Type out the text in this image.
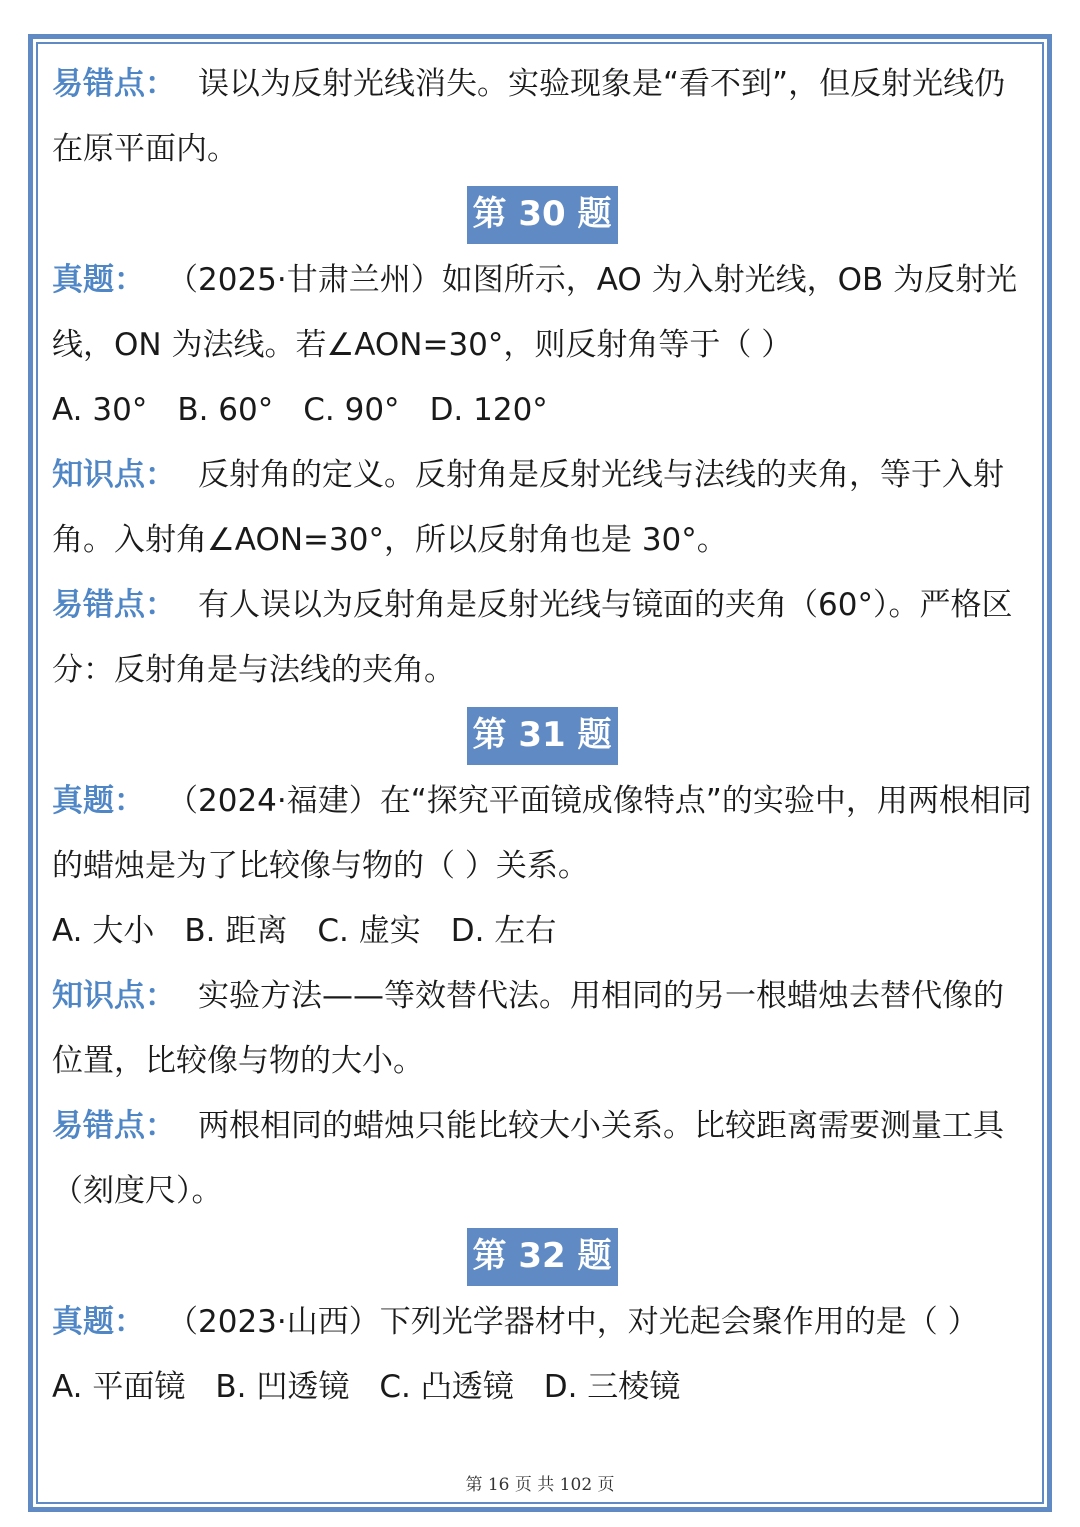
易错点： 误以为反射光线消失。实验现象是“看不到”，但反射光线仍在原平面内。

第 30 题

真题： （2025·甘肃兰州）如图所示，AO 为入射光线，OB 为反射光线，ON 为法线。若∠AON=30°，则反射角等于（ ）

A. 30° B. 60° C. 90° D. 120°

知识点： 反射角的定义。反射角是反射光线与法线的夹角，等于入射角。入射角∠AON=30°，所以反射角也是 30°。

易错点： 有人误以为反射角是反射光线与镜面的夹角（60°）。严格区分：反射角是与法线的夹角。

第 31 题

真题： （2024·福建）在“探究平面镜成像特点”的实验中，用两根相同的蜡烛是为了比较像与物的（ ）关系。

A. 大小 B. 距离 C. 虚实 D. 左右

知识点： 实验方法——等效替代法。用相同的另一根蜡烛去替代像的位置，比较像与物的大小。

易错点： 两根相同的蜡烛只能比较大小关系。比较距离需要测量工具（刻度尺）。

第 32 题

真题： （2023·山西）下列光学器材中，对光起会聚作用的是（ ）

A. 平面镜 B. 凹透镜 C. 凸透镜 D. 三棱镜

第 16 页 共 102 页
